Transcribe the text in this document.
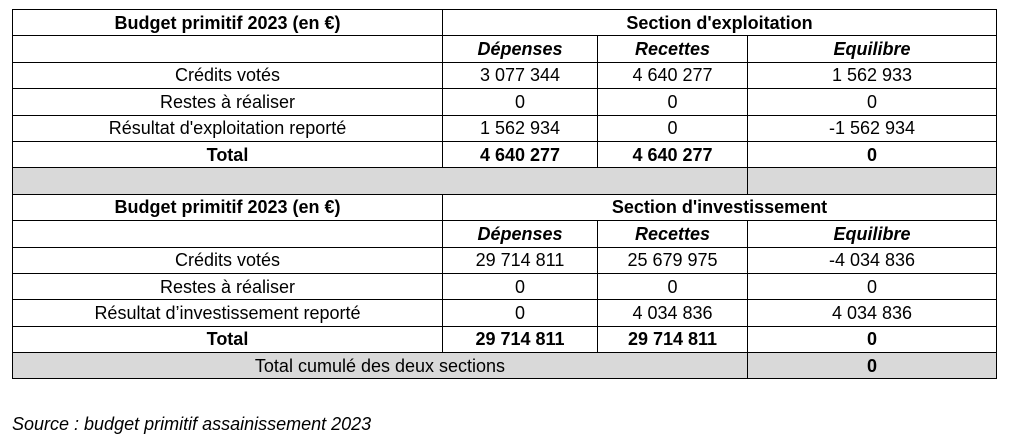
Budget primitif 2023 (en €)	Section d'exploitation		
	Dépenses	Recettes	Equilibre
Crédits votés	3 077 344	4 640 277	1 562 933
Restes à réaliser	0	0	0
Résultat d'exploitation reporté	1 562 934	0	-1 562 934
Total	4 640 277	4 640 277	0

Budget primitif 2023 (en €)	Section d'investissement		
	Dépenses	Recettes	Equilibre
Crédits votés	29 714 811	25 679 975	-4 034 836
Restes à réaliser	0	0	0
Résultat d’investissement reporté	0	4 034 836	4 034 836
Total	29 714 811	29 714 811	0
Total cumulé des deux sections			0
Source : budget primitif assainissement 2023
